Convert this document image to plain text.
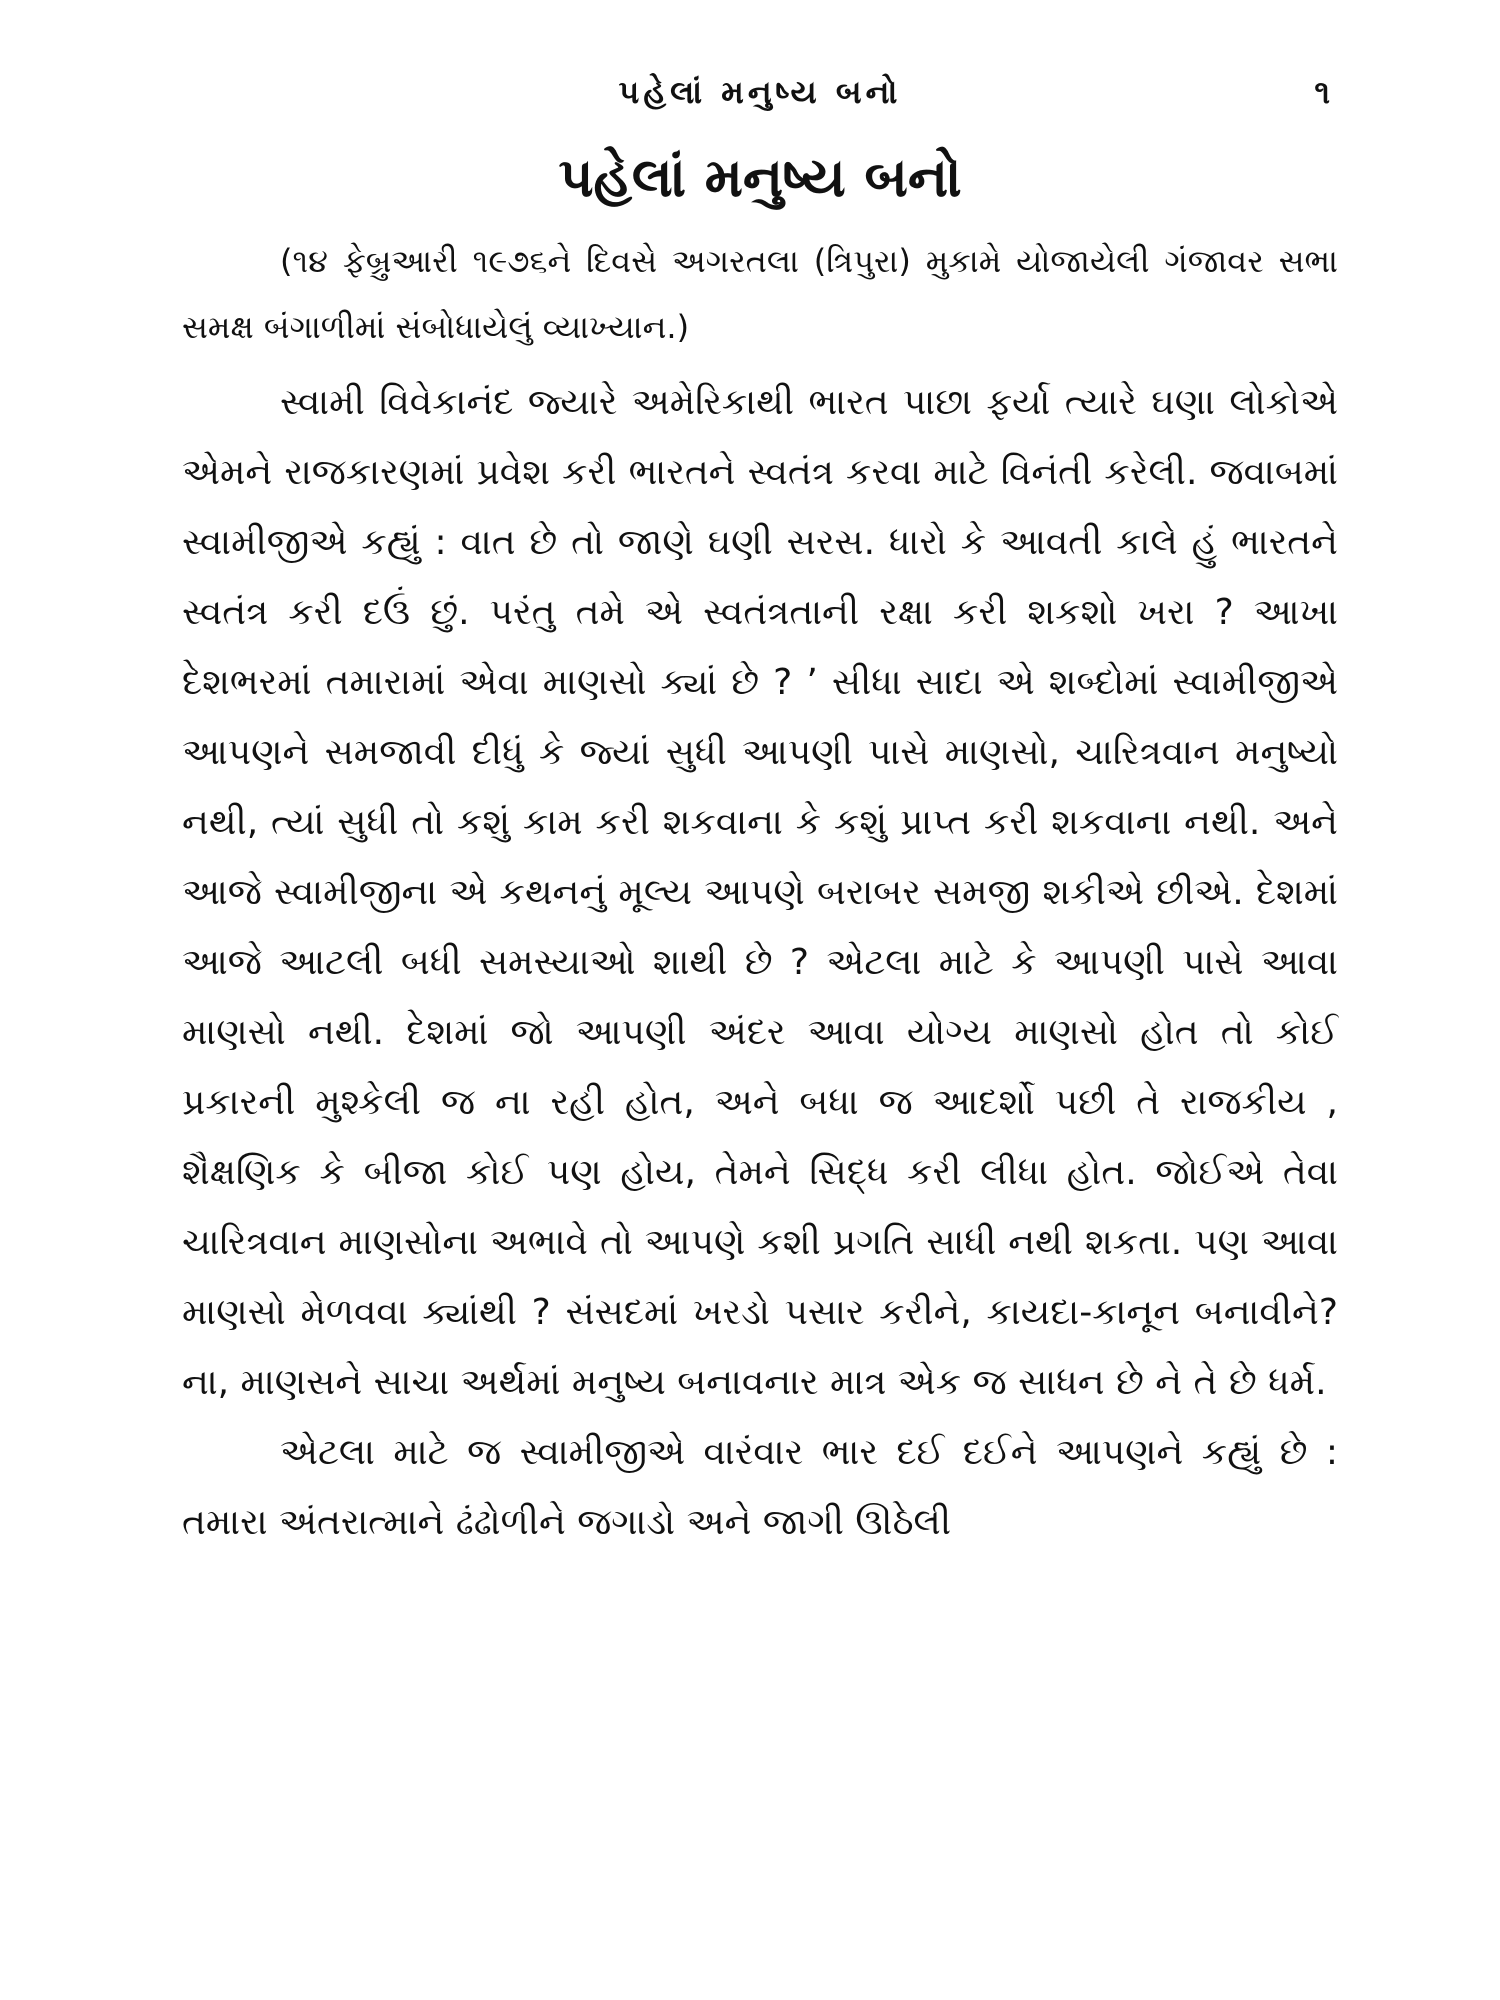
પહેલાં મનુષ્ય બનો	૧
પહેલાં મનુષ્ય બનો

(૧૪ ફેબ્રુઆરી ૧૯૭૬ને દિવસે અગરતલા (ત્રિપુરા) મુકામે યોજાયેલી ગંજાવર સભા સમક્ષ બંગાળીમાં સંબોધાયેલું વ્યાખ્યાન.)

સ્વામી વિવેકાનંદ જ્યારે અમેરિકાથી ભારત પાછા ફર્યા ત્યારે ઘણા લોકોએ એમને રાજકારણમાં પ્રવેશ કરી ભારતને સ્વતંત્ર કરવા માટે વિનંતી કરેલી. જવાબમાં સ્વામીજીએ કહ્યું : વાત છે તો જાણે ઘણી સરસ. ધારો કે આવતી કાલે હું ભારતને સ્વતંત્ર કરી દઉં છું. પરંતુ તમે એ સ્વતંત્રતાની રક્ષા કરી શકશો ખરા ? આખા દેશભરમાં તમારામાં એવા માણસો ક્યાં છે ? ’ સીધા સાદા એ શબ્દોમાં સ્વામીજીએ આપણને સમજાવી દીધું કે જ્યાં સુધી આપણી પાસે માણસો, ચારિત્રવાન મનુષ્યો નથી, ત્યાં સુધી તો કશું કામ કરી શકવાના કે કશું પ્રાપ્ત કરી શકવાના નથી. અને આજે સ્વામીજીના એ કથનનું મૂલ્ય આપણે બરાબર સમજી શકીએ છીએ. દેશમાં આજે આટલી બધી સમસ્યાઓ શાથી છે ? એટલા માટે કે આપણી પાસે આવા માણસો નથી. દેશમાં જો આપણી અંદર આવા યોગ્ય માણસો હોત તો કોઈ પ્રકારની મુશ્કેલી જ ના રહી હોત, અને બધા જ આદર્શો પછી તે રાજકીય , શૈક્ષણિક કે બીજા કોઈ પણ હોય, તેમને સિદ્ધ કરી લીધા હોત. જોઈએ તેવા ચારિત્રવાન માણસોના અભાવે તો આપણે કશી પ્રગતિ સાધી નથી શકતા. પણ આવા માણસો મેળવવા ક્યાંથી ? સંસદમાં ખરડો પસાર કરીને, કાયદા-કાનૂન બનાવીને? ના, માણસને સાચા અર્થમાં મનુષ્ય બનાવનાર માત્ર એક જ સાધન છે ને તે છે ધર્મ.

એટલા માટે જ સ્વામીજીએ વારંવાર ભાર દઈ દઈને આપણને કહ્યું છે : તમારા અંતરાત્માને ઢંઢોળીને જગાડો અને જાગી ઊઠેલી
